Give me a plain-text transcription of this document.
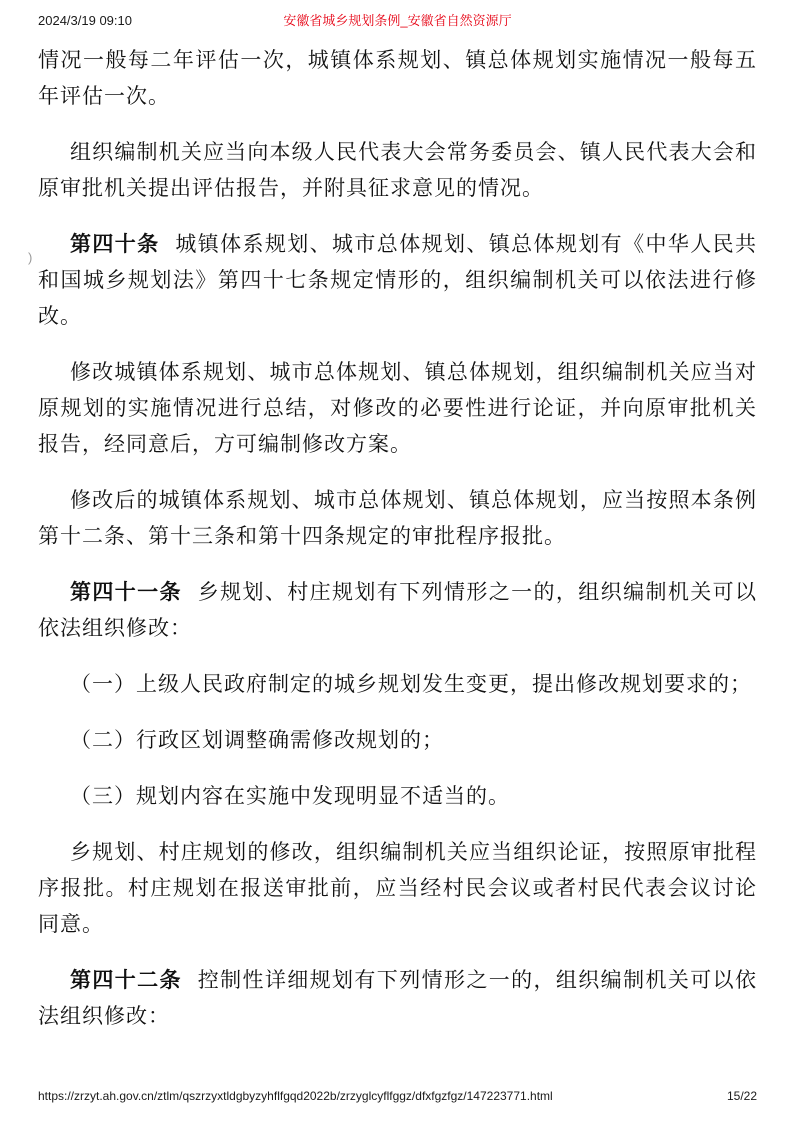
2024/3/19 09:10	安徽省城乡规划条例_安徽省自然资源厅
)

情况一般每二年评估一次，城镇体系规划、镇总体规划实施情况一般每五年评估一次。

组织编制机关应当向本级人民代表大会常务委员会、镇人民代表大会和原审批机关提出评估报告，并附具征求意见的情况。

第四十条 城镇体系规划、城市总体规划、镇总体规划有《中华人民共和国城乡规划法》第四十七条规定情形的，组织编制机关可以依法进行修改。

修改城镇体系规划、城市总体规划、镇总体规划，组织编制机关应当对原规划的实施情况进行总结，对修改的必要性进行论证，并向原审批机关报告，经同意后，方可编制修改方案。

修改后的城镇体系规划、城市总体规划、镇总体规划，应当按照本条例第十二条、第十三条和第十四条规定的审批程序报批。

第四十一条 乡规划、村庄规划有下列情形之一的，组织编制机关可以依法组织修改：

（一）上级人民政府制定的城乡规划发生变更，提出修改规划要求的；

（二）行政区划调整确需修改规划的；

（三）规划内容在实施中发现明显不适当的。

乡规划、村庄规划的修改，组织编制机关应当组织论证，按照原审批程序报批。村庄规划在报送审批前，应当经村民会议或者村民代表会议讨论同意。

第四十二条 控制性详细规划有下列情形之一的，组织编制机关可以依法组织修改：

https://zrzyt.ah.gov.cn/ztlm/qszrzyxtldgbyzyhflfgqd2022b/zrzyglcyflfggz/dfxfgzfgz/147223771.html	15/22
